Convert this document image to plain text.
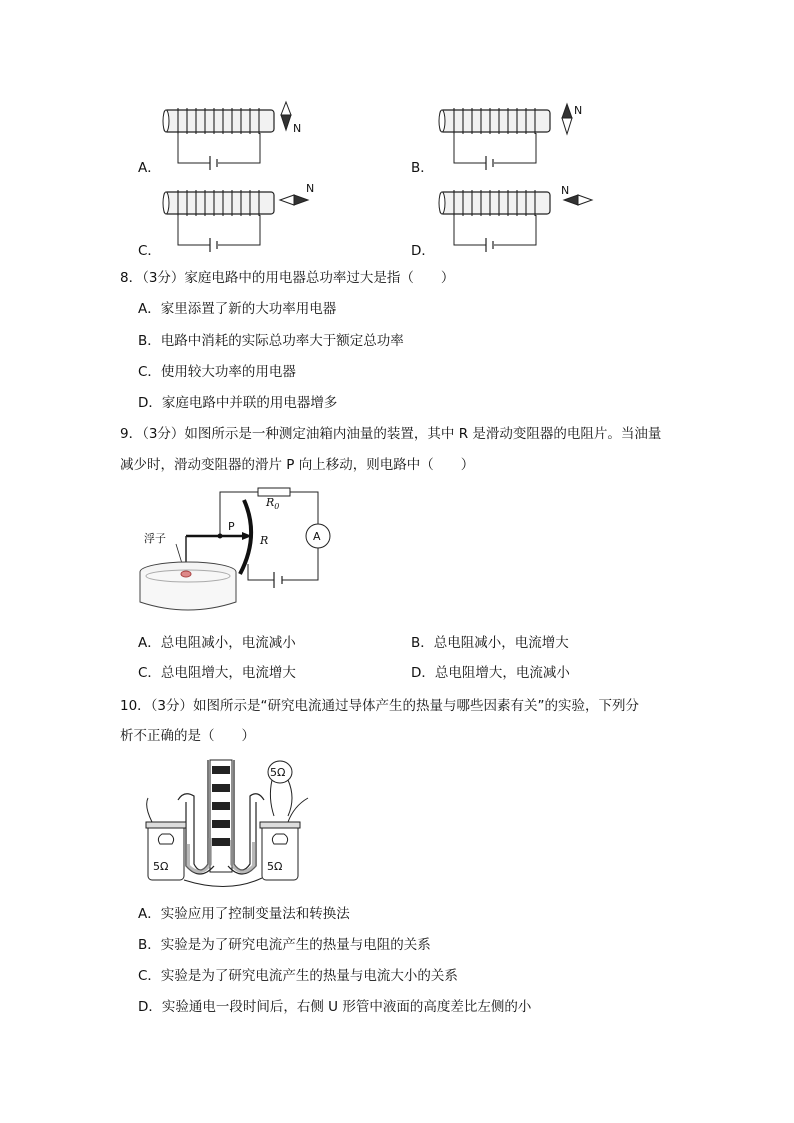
A．
N
B．
N
C．
N
D．
N
8．（3分）家庭电路中的用电器总功率过大是指（　　）
A．家里添置了新的大功率用电器
B．电路中消耗的实际总功率大于额定总功率
C．使用较大功率的用电器
D．家庭电路中并联的用电器增多
9．（3分）如图所示是一种测定油箱内油量的装置，其中 R 是滑动变阻器的电阻片。当油量
减少时，滑动变阻器的滑片 P 向上移动，则电路中（　　）
A
$R_0$
R
P
浮子
A．总电阻减小，电流减小	B．总电阻减小，电流增大
C．总电阻增大，电流增大	D．总电阻增大，电流减小
10．（3分）如图所示是“研究电流通过导体产生的热量与哪些因素有关”的实验，下列分
析不正确的是（　　）
5Ω	5Ω
5Ω
A．实验应用了控制变量法和转换法
B．实验是为了研究电流产生的热量与电阻的关系
C．实验是为了研究电流产生的热量与电流大小的关系
D．实验通电一段时间后，右侧 U 形管中液面的高度差比左侧的小
